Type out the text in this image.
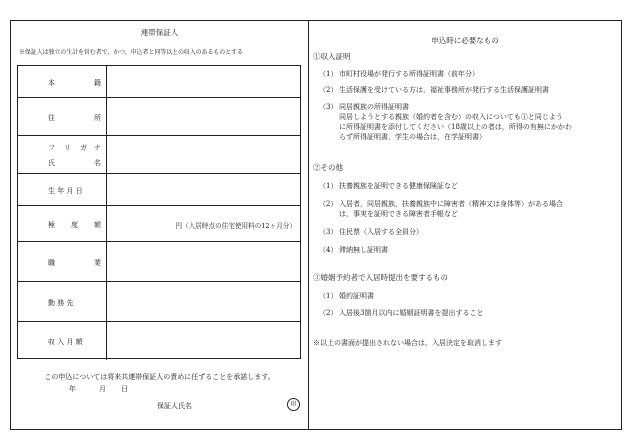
連帯保証人
※保証人は独立の生計を営む者で，かつ，申込者と同等以上の収入のあるものとする
本	籍
住	所
フ リ ガ ナ
氏	名
生 年 月 日
極 度 額	円（入居時点の住宅使用料の12ヶ月分）
職	業
勤 務 先
収 入 月 額
この申込については将来共連帯保証人の責めに任ずることを承諾します。
年	月 日
保証人氏名	印
申込時に必要なもの
①収入証明
（1） 市町村役場が発行する所得証明書（前年分）
（2） 生活保護を受けている方は，福祉事務所が発行する生活保護証明書
（3） 同居親族の所得証明書
同居しようとする親族（婚約者を含む）の収入についても①と同じよう
に所得証明書を添付してください（18歳以上の者は，所得の有無にかかわ
らず所得証明書，学生の場合は，在学証明書）
②その他
（1） 扶養親族を証明できる健康保険証など
（2） 入居者，同居親族，扶養親族中に障害者（精神又は身体等）がある場合
は，事実を証明できる障害者手帳など
（3） 住民票（入居する全員分）
（4） 滞納無し証明書
③婚姻予約者で入居時提出を要するもの
（1） 婚約証明書
（2） 入居後3箇月以内に婚姻証明書を提出すること
※以上の書面が提出されない場合は，入居決定を取消します
